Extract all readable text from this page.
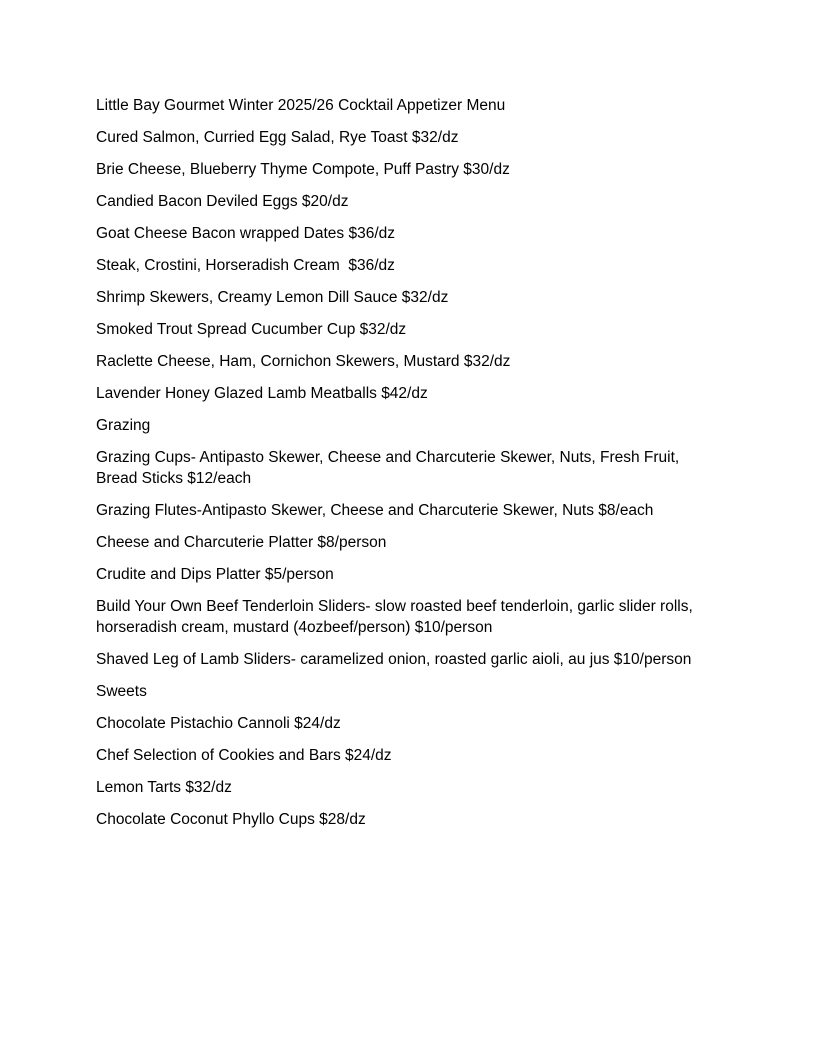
Little Bay Gourmet Winter 2025/26 Cocktail Appetizer Menu

Cured Salmon, Curried Egg Salad, Rye Toast $32/dz

Brie Cheese, Blueberry Thyme Compote, Puff Pastry $30/dz

Candied Bacon Deviled Eggs $20/dz

Goat Cheese Bacon wrapped Dates $36/dz

Steak, Crostini, Horseradish Cream  $36/dz

Shrimp Skewers, Creamy Lemon Dill Sauce $32/dz

Smoked Trout Spread Cucumber Cup $32/dz

Raclette Cheese, Ham, Cornichon Skewers, Mustard $32/dz

Lavender Honey Glazed Lamb Meatballs $42/dz

Grazing

Grazing Cups- Antipasto Skewer, Cheese and Charcuterie Skewer, Nuts, Fresh Fruit, Bread Sticks $12/each

Grazing Flutes-Antipasto Skewer, Cheese and Charcuterie Skewer, Nuts $8/each

Cheese and Charcuterie Platter $8/person

Crudite and Dips Platter $5/person

Build Your Own Beef Tenderloin Sliders- slow roasted beef tenderloin, garlic slider rolls, horseradish cream, mustard (4ozbeef/person) $10/person

Shaved Leg of Lamb Sliders- caramelized onion, roasted garlic aioli, au jus $10/person

Sweets

Chocolate Pistachio Cannoli $24/dz

Chef Selection of Cookies and Bars $24/dz

Lemon Tarts $32/dz

Chocolate Coconut Phyllo Cups $28/dz
